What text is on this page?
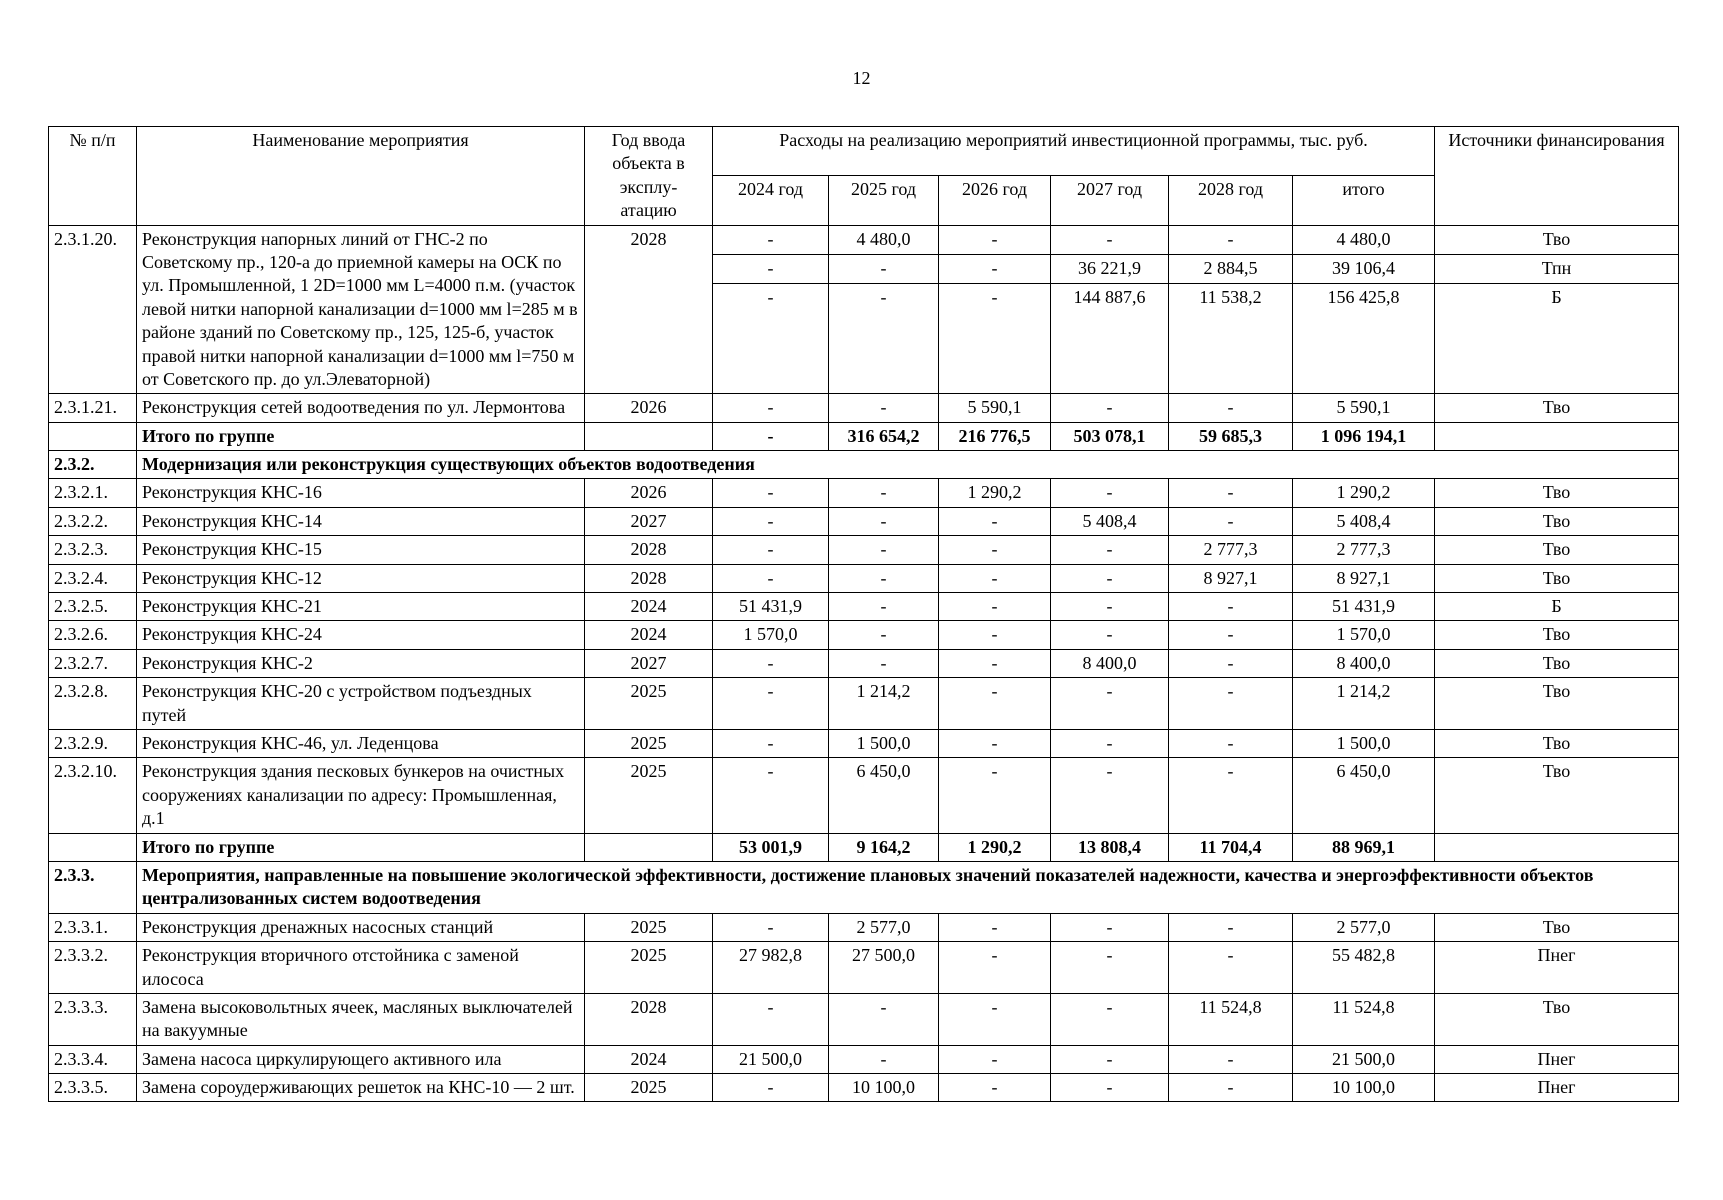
12
№ п/п	Наименование мероприятия	Год ввода объекта в эксплу- атацию	Расходы на реализацию мероприятий инвестиционной программы, тыс. руб.						Источники финансирования
			2024 год	2025 год	2026 год	2027 год	2028 год	итого	
2.3.1.20.	Реконструкция напорных линий от ГНС-2 по Советскому пр., 120-а до приемной камеры на ОСК по ул. Промышленной, 1 2D=1000 мм L=4000 п.м. (участок левой нитки напорной канализации d=1000 мм l=285 м в районе зданий по Советскому пр., 125, 125-б, участок правой нитки напорной канализации d=1000 мм l=750 м от Советского пр. до ул.Элеваторной)	2028	-	4 480,0	-	-	-	4 480,0	Тво
			-	-	-	36 221,9	2 884,5	39 106,4	Тпн
			-	-	-	144 887,6	11 538,2	156 425,8	Б
2.3.1.21.	Реконструкция сетей водоотведения по ул. Лермонтова	2026	-	-	5 590,1	-	-	5 590,1	Тво
	Итого по группе		-	316 654,2	216 776,5	503 078,1	59 685,3	1 096 194,1	
2.3.2.	Модернизация или реконструкция существующих объектов водоотведения								
2.3.2.1.	Реконструкция КНС-16	2026	-	-	1 290,2	-	-	1 290,2	Тво
2.3.2.2.	Реконструкция КНС-14	2027	-	-	-	5 408,4	-	5 408,4	Тво
2.3.2.3.	Реконструкция КНС-15	2028	-	-	-	-	2 777,3	2 777,3	Тво
2.3.2.4.	Реконструкция КНС-12	2028	-	-	-	-	8 927,1	8 927,1	Тво
2.3.2.5.	Реконструкция КНС-21	2024	51 431,9	-	-	-	-	51 431,9	Б
2.3.2.6.	Реконструкция КНС-24	2024	1 570,0	-	-	-	-	1 570,0	Тво
2.3.2.7.	Реконструкция КНС-2	2027	-	-	-	8 400,0	-	8 400,0	Тво
2.3.2.8.	Реконструкция КНС-20 с устройством подъездных путей	2025	-	1 214,2	-	-	-	1 214,2	Тво
2.3.2.9.	Реконструкция КНС-46, ул. Леденцова	2025	-	1 500,0	-	-	-	1 500,0	Тво
2.3.2.10.	Реконструкция здания песковых бункеров на очистных сооружениях канализации по адресу: Промышленная, д.1	2025	-	6 450,0	-	-	-	6 450,0	Тво
	Итого по группе		53 001,9	9 164,2	1 290,2	13 808,4	11 704,4	88 969,1	
2.3.3.	Мероприятия, направленные на повышение экологической эффективности, достижение плановых значений показателей надежности, качества и энергоэффективности объектов централизованных систем водоотведения								
2.3.3.1.	Реконструкция дренажных насосных станций	2025	-	2 577,0	-	-	-	2 577,0	Тво
2.3.3.2.	Реконструкция вторичного отстойника с заменой илососа	2025	27 982,8	27 500,0	-	-	-	55 482,8	Пнег
2.3.3.3.	Замена высоковольтных ячеек, масляных выключателей на вакуумные	2028	-	-	-	-	11 524,8	11 524,8	Тво
2.3.3.4.	Замена насоса циркулирующего активного ила	2024	21 500,0	-	-	-	-	21 500,0	Пнег
2.3.3.5.	Замена сороудерживающих решеток на КНС-10 — 2 шт.	2025	-	10 100,0	-	-	-	10 100,0	Пнег
